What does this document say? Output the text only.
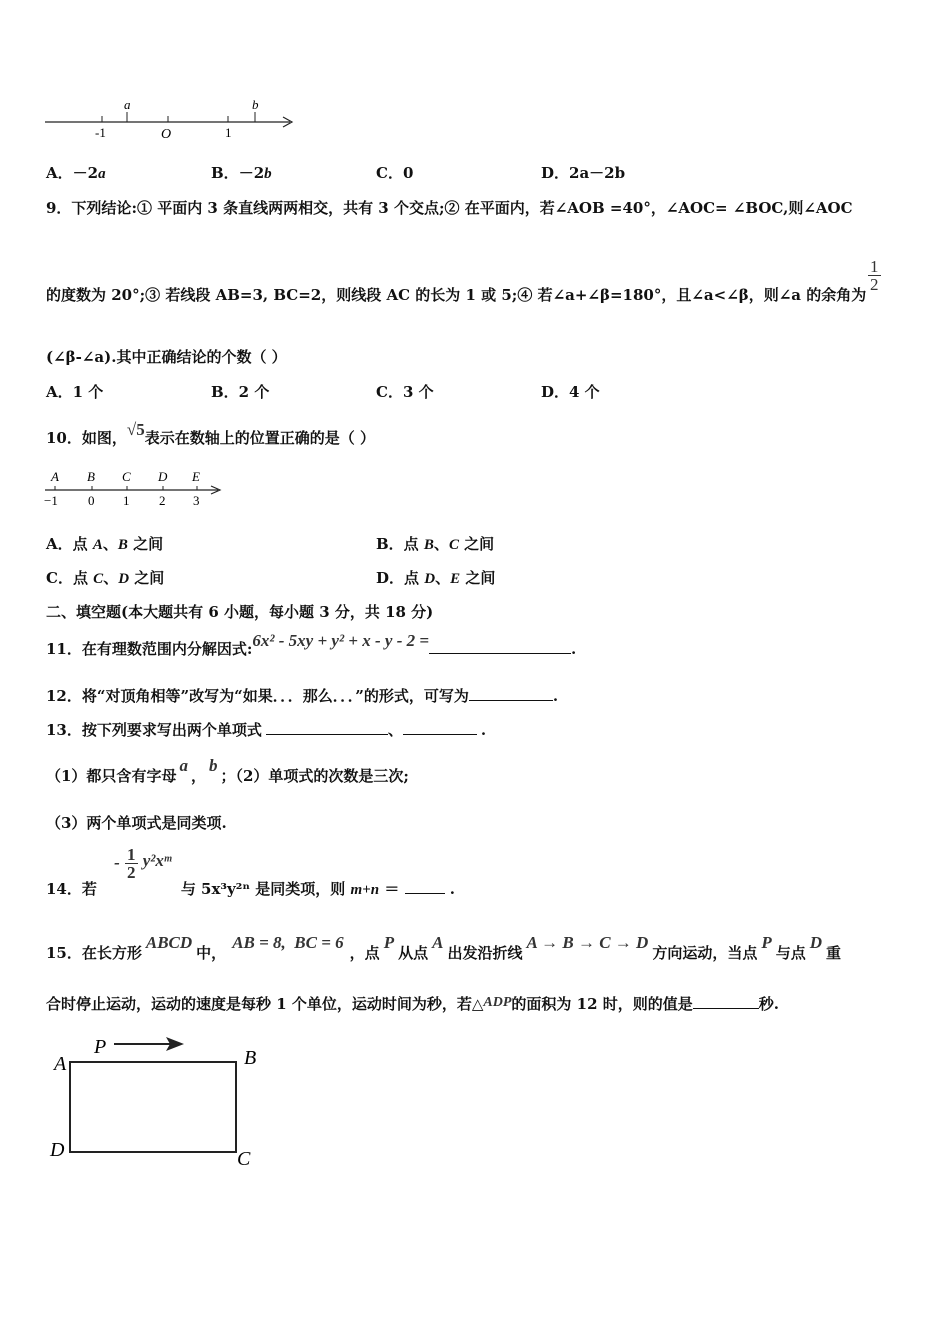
a	b
-1	O	1
A．－2a	B．－2b	C．0	D．2a－2b
9．下列结论:① 平面内 3 条直线两两相交，共有 3 个交点;② 在平面内，若∠AOB =40°，∠AOC= ∠BOC,则∠AOC
的度数为 20°;③ 若线段 AB=3, BC=2，则线段 AC 的长为 1 或 5;④ 若∠a+∠β=180°，且∠a<∠β，则∠a 的余角为
$\frac{1}{2}$
(∠β-∠a).其中正确结论的个数（ ）
A．1 个	B．2 个	C．3 个	D．4 个
10．如图，√5表示在数轴上的位置正确的是（ ）
A B C D E
−1 0 1 2 3
A．点 A、B 之间	B．点 B、C 之间
C．点 C、D 之间	D．点 D、E 之间
二、填空题(本大题共有 6 小题，每小题 3 分，共 18 分)
11．在有理数范围内分解因式:6x² - 5xy + y² + x - y - 2 =	.
12．将“对顶角相等”改写为“如果．．．那么．．．”的形式，可写为	.
13．按下列要求写出两个单项式	、	.
（1）都只含有字母a，b；（2）单项式的次数是三次;
（3）两个单项式是同类项.
14．若 - $\frac{1}{2}$ y²xᵐ 与 5x³y²ⁿ 是同类项，则 m+n ＝	.
15．在长方形ABCD中，AB = 8,  BC = 6，点P从点A出发沿折线A → B → C → D方向运动，当点P与点D重
合时停止运动，运动的速度是每秒 1 个单位，运动时间为秒，若△ADP的面积为 12 时，则的值是	秒.
P
A	B
D	C
